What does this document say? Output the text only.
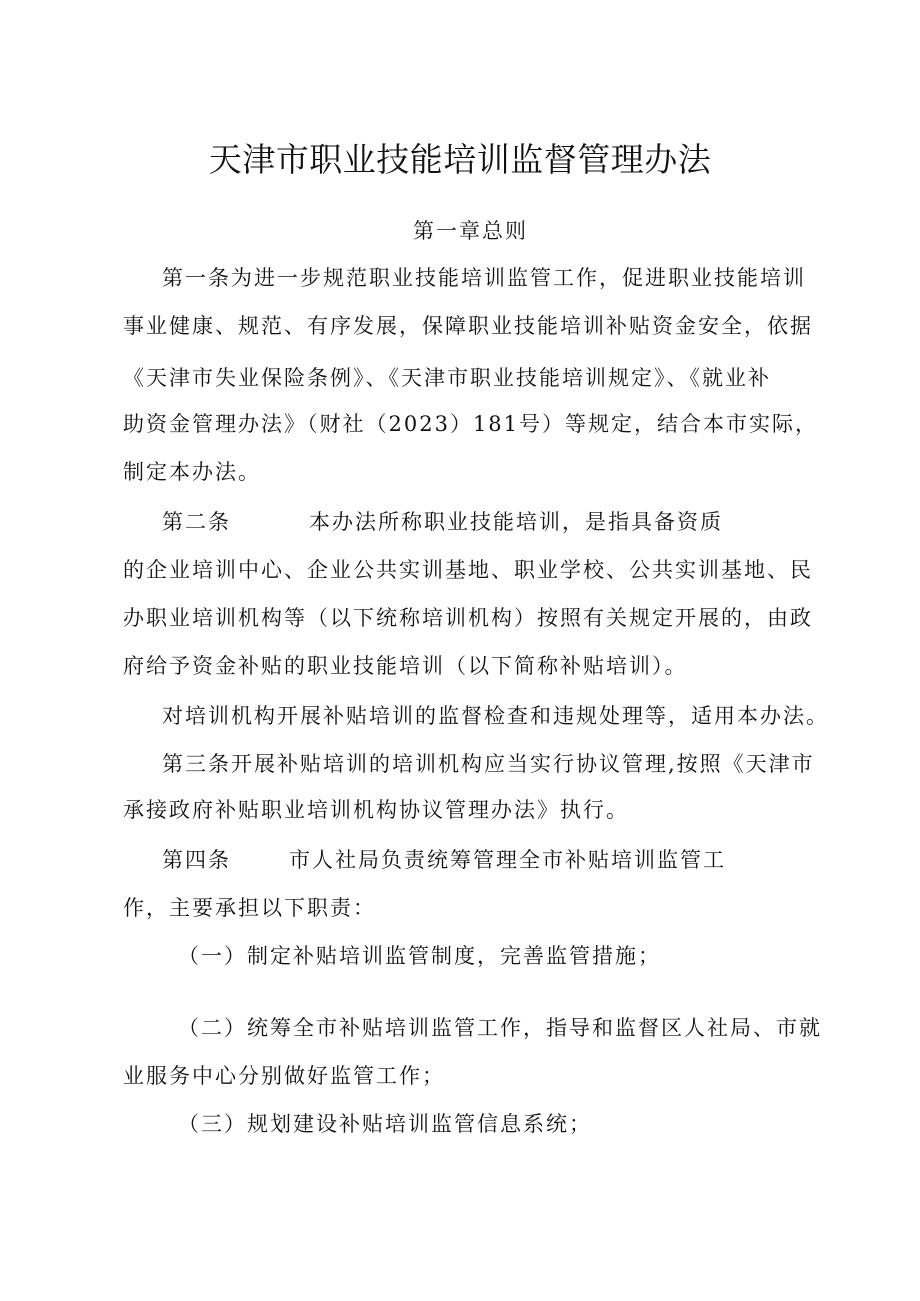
天津市职业技能培训监督管理办法
第一章总则
第一条为进一步规范职业技能培训监管工作，促进职业技能培训
事业健康、规范、有序发展，保障职业技能培训补贴资金安全，依据
《天津市失业保险条例》、《天津市职业技能培训规定》、《就业补
助资金管理办法》（财社（2023）181号）等规定，结合本市实际，
制定本办法。
第二条	本办法所称职业技能培训，是指具备资质
的企业培训中心、企业公共实训基地、职业学校、公共实训基地、民
办职业培训机构等（以下统称培训机构）按照有关规定开展的，由政
府给予资金补贴的职业技能培训（以下简称补贴培训）。
对培训机构开展补贴培训的监督检查和违规处理等，适用本办法。
第三条开展补贴培训的培训机构应当实行协议管理,按照《天津市
承接政府补贴职业培训机构协议管理办法》执行。
第四条	市人社局负责统筹管理全市补贴培训监管工
作，主要承担以下职责：
（一）制定补贴培训监管制度，完善监管措施；
（二）统筹全市补贴培训监管工作，指导和监督区人社局、市就
业服务中心分别做好监管工作；
（三）规划建设补贴培训监管信息系统；
